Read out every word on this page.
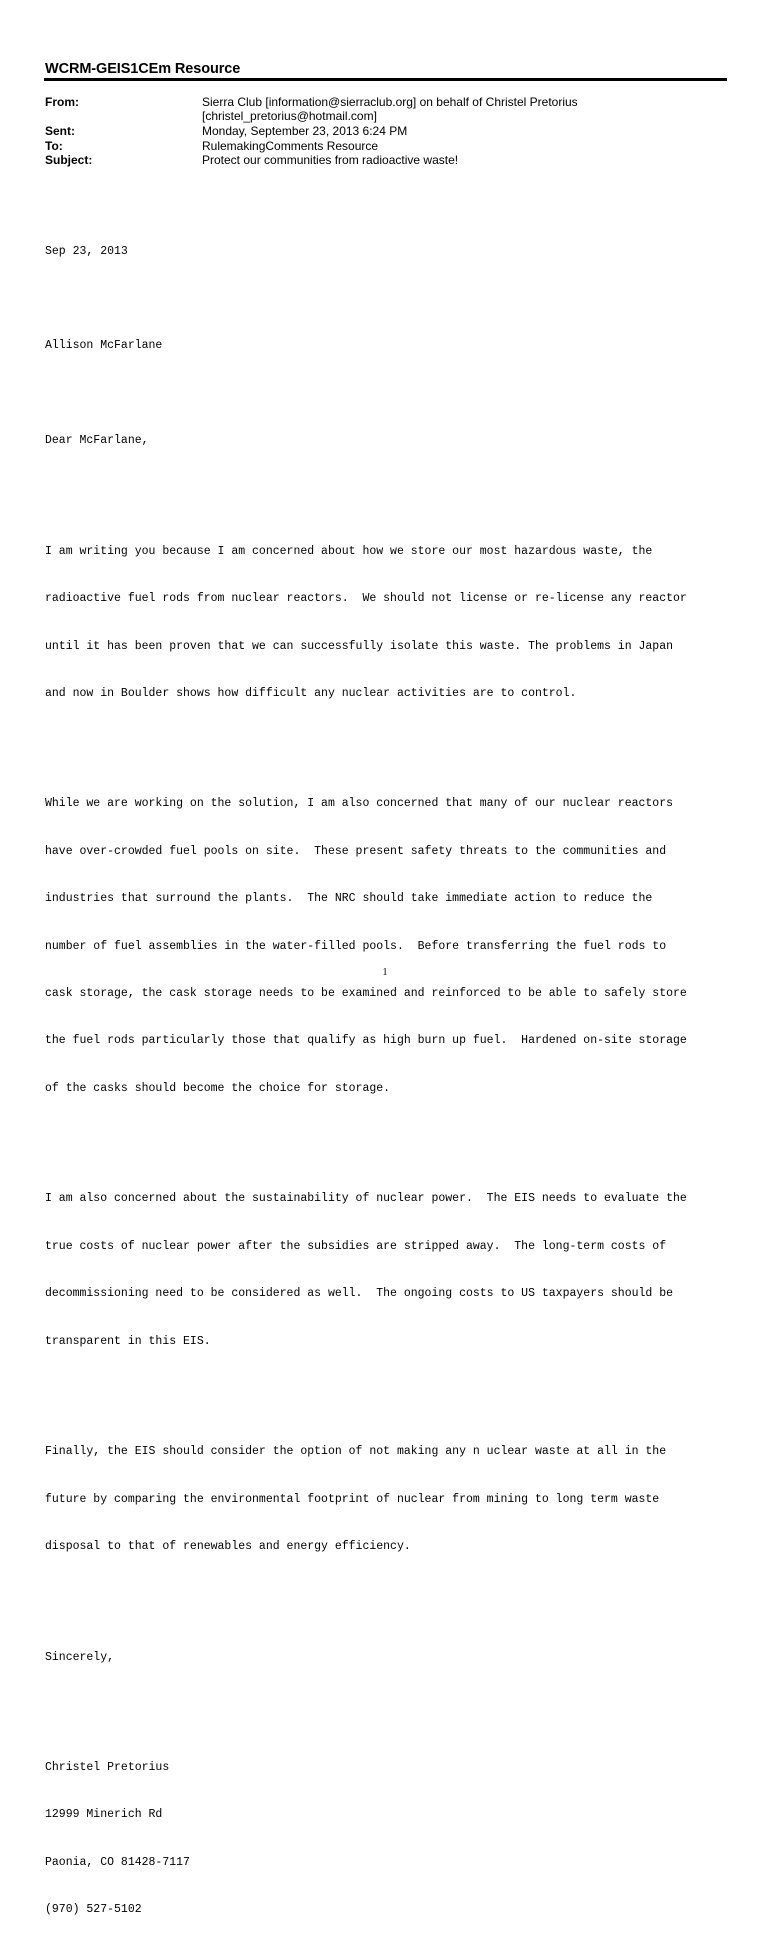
WCRM-GEIS1CEm Resource
From:	Sierra Club [information@sierraclub.org] on behalf of Christel Pretorius
[christel_pretorius@hotmail.com]
Sent:	Monday, September 23, 2013 6:24 PM
To:	RulemakingComments Resource
Subject:	Protect our communities from radioactive waste!

Sep 23, 2013

Allison McFarlane

Dear McFarlane,

I am writing you because I am concerned about how we store our most hazardous waste, the

radioactive fuel rods from nuclear reactors.  We should not license or re-license any reactor

until it has been proven that we can successfully isolate this waste. The problems in Japan

and now in Boulder shows how difficult any nuclear activities are to control.

While we are working on the solution, I am also concerned that many of our nuclear reactors

have over-crowded fuel pools on site.  These present safety threats to the communities and

industries that surround the plants.  The NRC should take immediate action to reduce the

number of fuel assemblies in the water-filled pools.  Before transferring the fuel rods to

cask storage, the cask storage needs to be examined and reinforced to be able to safely store

the fuel rods particularly those that qualify as high burn up fuel.  Hardened on-site storage

of the casks should become the choice for storage.

I am also concerned about the sustainability of nuclear power.  The EIS needs to evaluate the

true costs of nuclear power after the subsidies are stripped away.  The long-term costs of

decommissioning need to be considered as well.  The ongoing costs to US taxpayers should be

transparent in this EIS.

Finally, the EIS should consider the option of not making any n uclear waste at all in the

future by comparing the environmental footprint of nuclear from mining to long term waste

disposal to that of renewables and energy efficiency.

Sincerely,

Christel Pretorius

12999 Minerich Rd

Paonia, CO 81428-7117

(970) 527-5102

1
